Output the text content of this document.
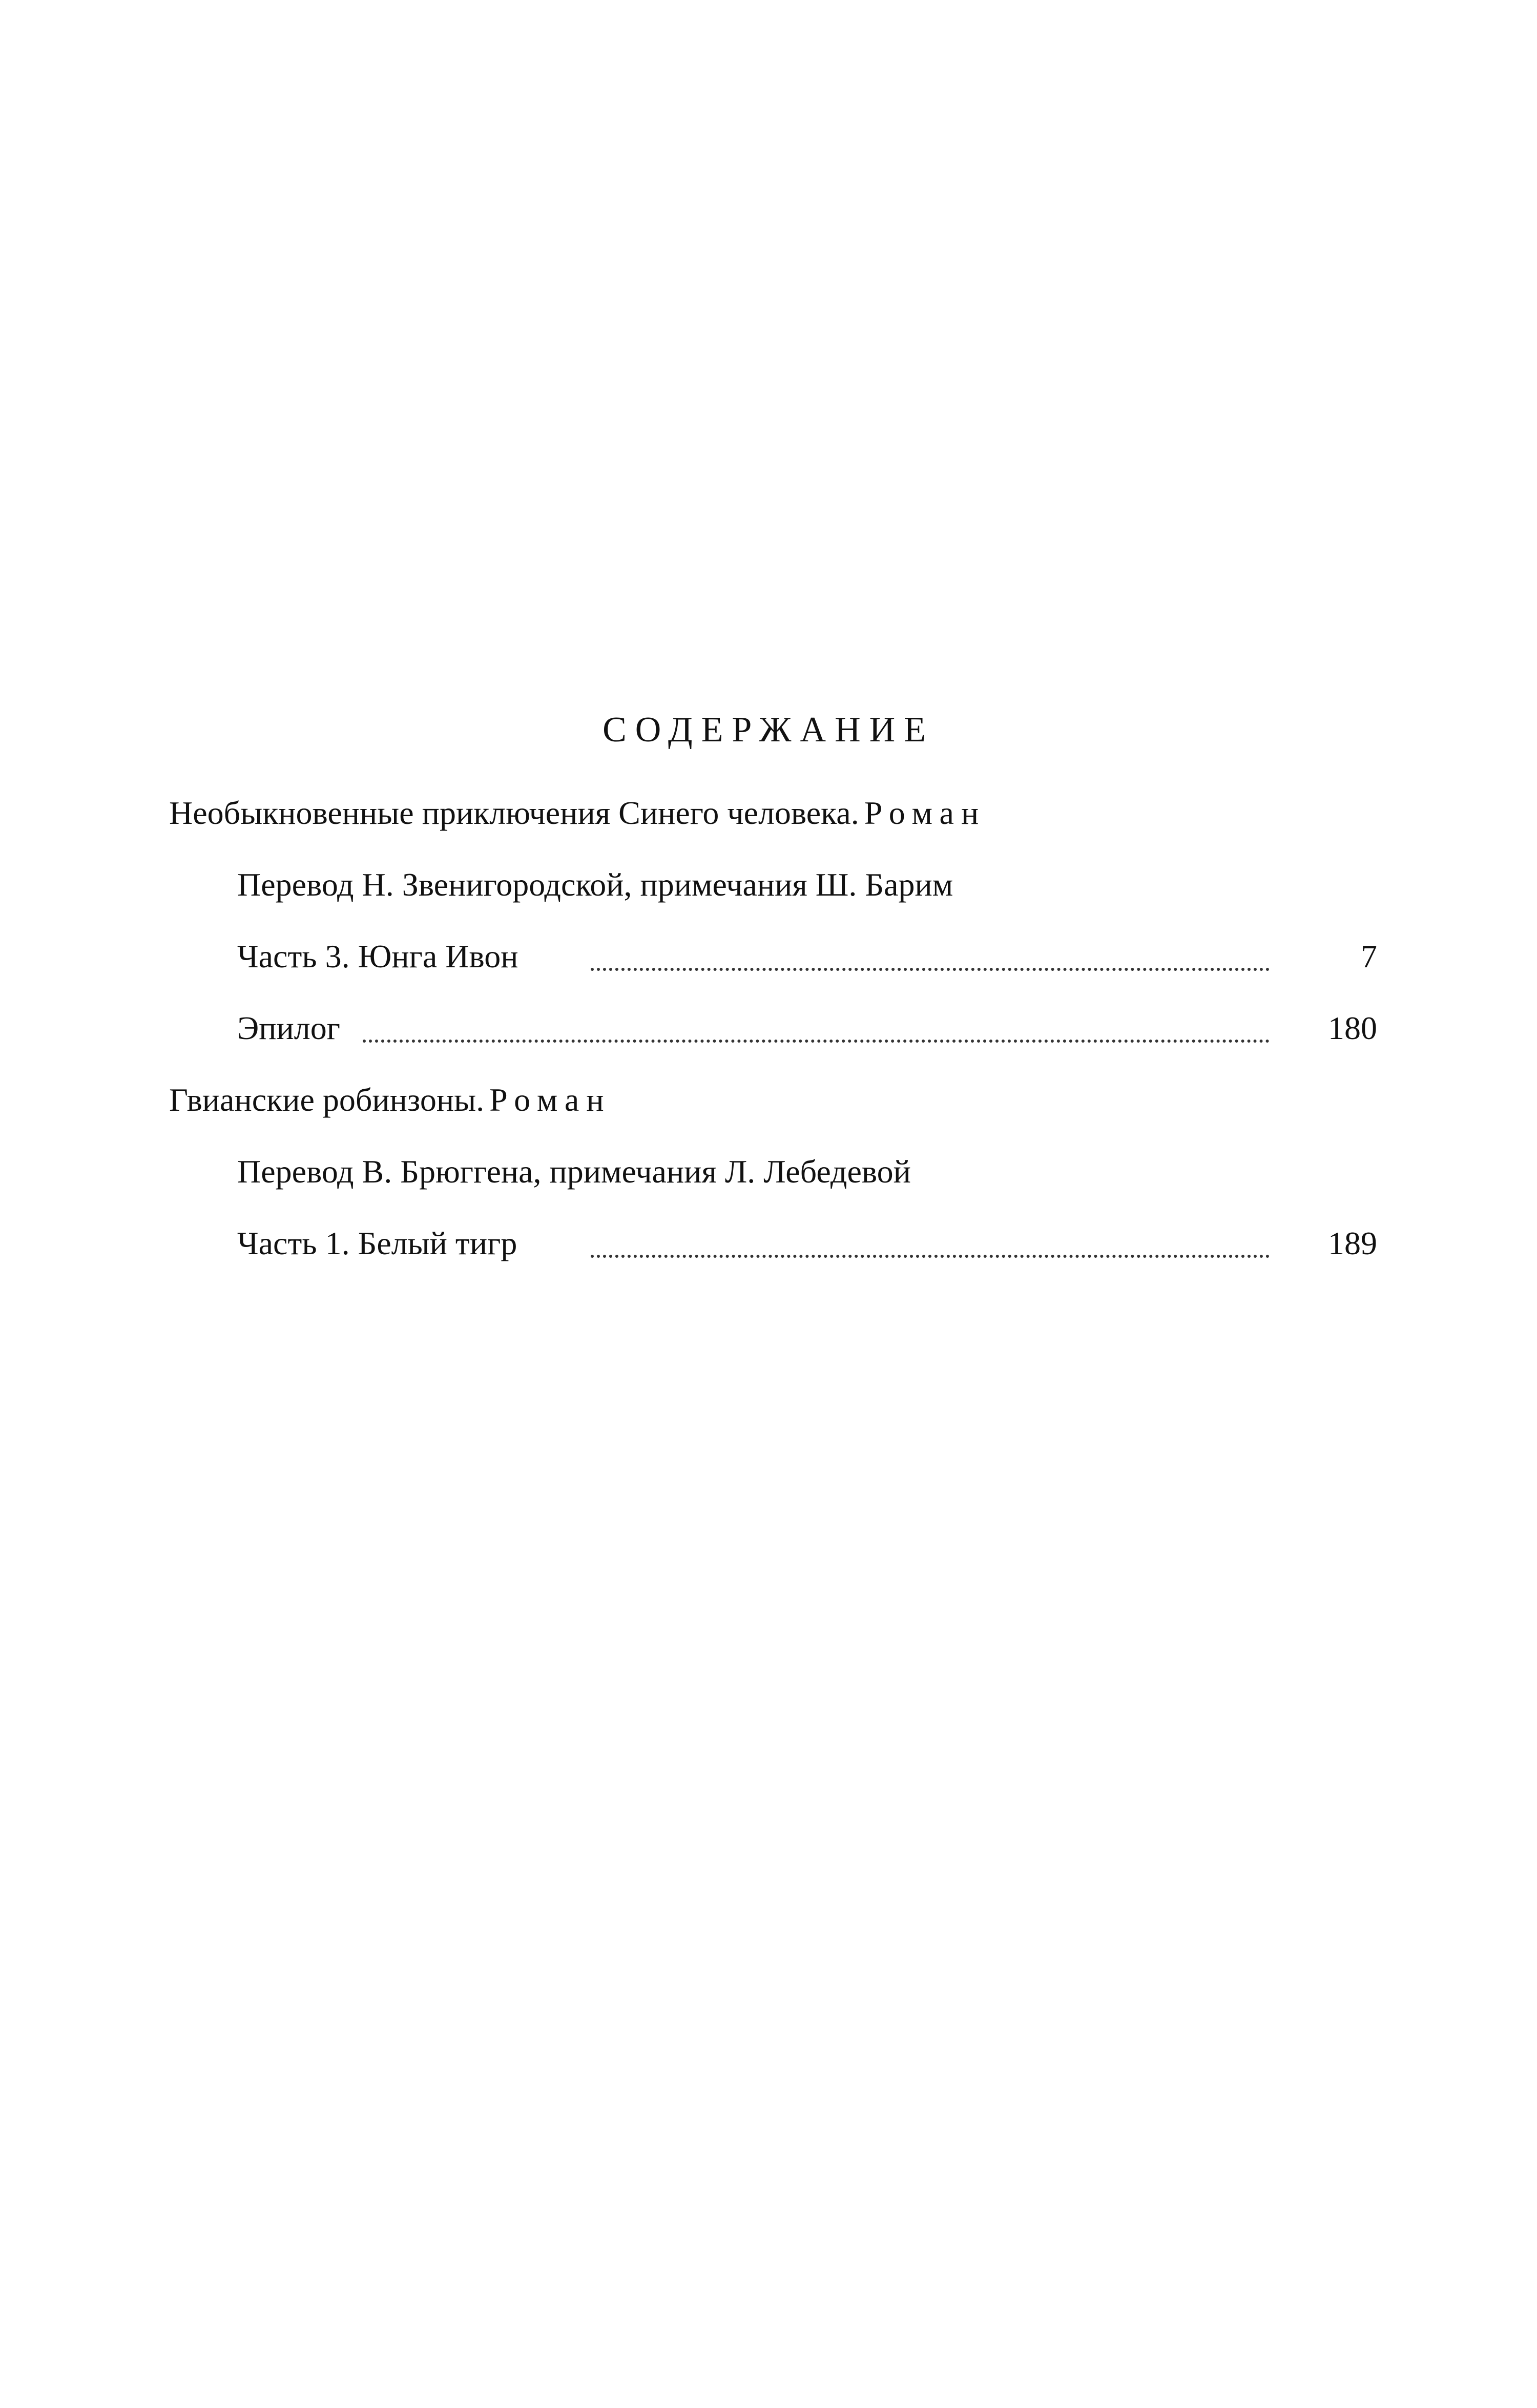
СОДЕРЖАНИЕ
Необыкновенные приключения Синего человека. Роман
Перевод Н. Звенигородской, примечания Ш. Барим
Часть 3. Юнга Ивон	7
Эпилог	180
Гвианские робинзоны. Роман
Перевод В. Брюггена, примечания Л. Лебедевой
Часть 1. Белый тигр	189
